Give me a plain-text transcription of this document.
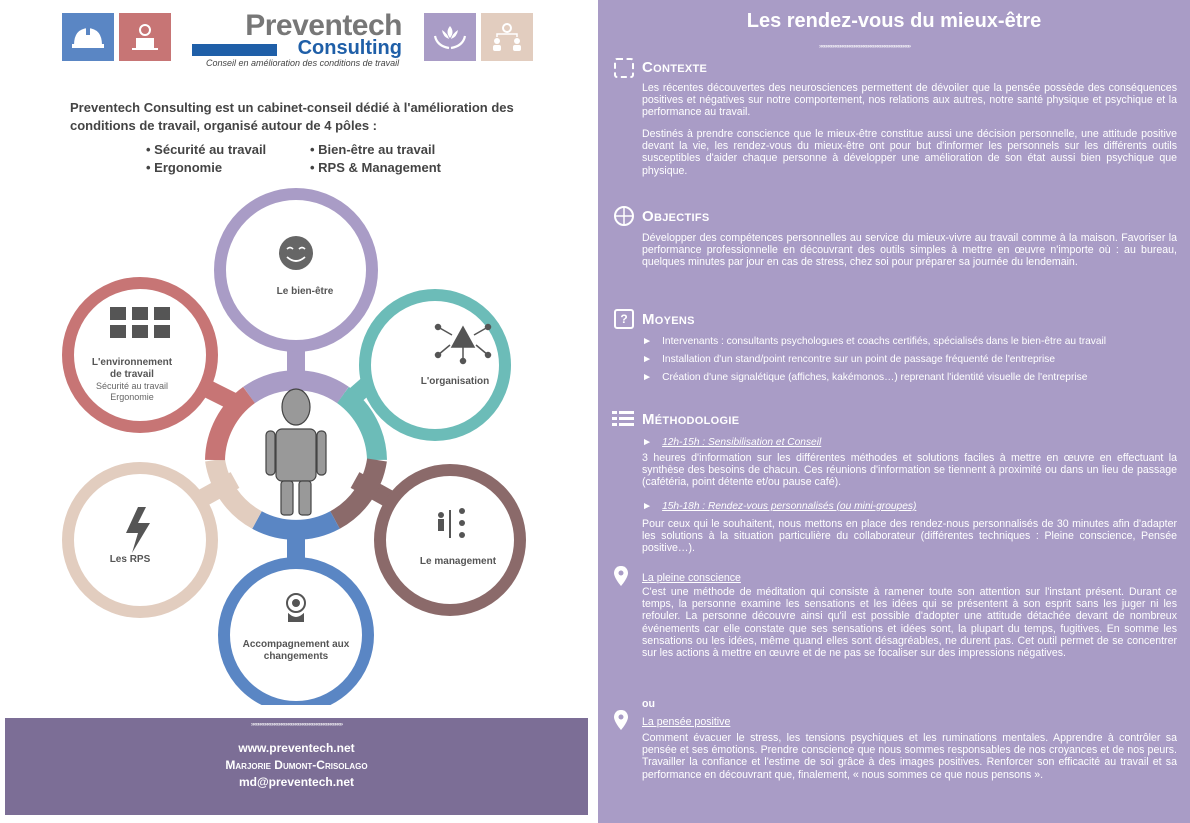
Preventech
Consulting
Conseil en amélioration des conditions de travail
Preventech Consulting est un cabinet-conseil dédié à l'amélioration des conditions de travail, organisé autour de 4 pôles :
• Sécurité au travail
• Ergonomie
• Bien-être au travail
• RPS & Management
Le bien-être
L'organisation
Le management
Accompagnement aux changements
Les RPS
L'environnement de travail
Sécurité au travail
Ergonomie
»»»»»»»»»»»»»»»»»»»»»»»»»»»»»»»»»»»»»»»
www.preventech.net
Marjorie Dumont-Crisolago
md@preventech.net
Les rendez-vous du mieux-être
»»»»»»»»»»»»»»»»»»»»»»»»»»»»»»»»»»»»»»»
Contexte
Les récentes découvertes des neurosciences permettent de dévoiler que la pensée possède des conséquences positives et négatives sur notre comportement, nos relations aux autres, notre santé physique et psychique et la performance au travail.
Destinés à prendre conscience que le mieux-être constitue aussi une décision personnelle, une attitude positive devant la vie, les rendez-vous du mieux-être ont pour but d'informer les personnels sur les différents outils susceptibles d'aider chaque personne à développer une amélioration de son état aussi bien psychique que physique.
Objectifs
Développer des compétences personnelles au service du mieux-vivre au travail comme à la maison. Favoriser la performance professionnelle en découvrant des outils simples à mettre en œuvre n'importe où : au bureau, quelques minutes par jour en cas de stress, chez soi pour préparer sa journée du lendemain.
? Moyens
► Intervenants : consultants psychologues et coachs certifiés, spécialisés dans le bien-être au travail
► Installation d'un stand/point rencontre sur un point de passage fréquenté de l'entreprise
► Création d'une signalétique (affiches, kakémonos…) reprenant l'identité visuelle de l'entreprise
Méthodologie
► 12h-15h : Sensibilisation et Conseil
3 heures d'information sur les différentes méthodes et solutions faciles à mettre en œuvre en effectuant la synthèse des besoins de chacun. Ces réunions d'information se tiennent à proximité ou dans un lieu de passage (cafétéria, point détente et/ou pause café).
► 15h-18h : Rendez-vous personnalisés (ou mini-groupes)
Pour ceux qui le souhaitent, nous mettons en place des rendez-nous personnalisés de 30 minutes afin d'adapter les solutions à la situation particulière du collaborateur (différentes techniques : Pleine conscience, Pensée positive…).
La pleine conscience
C'est une méthode de méditation qui consiste à ramener toute son attention sur l'instant présent. Durant ce temps, la personne examine les sensations et les idées qui se présentent à son esprit sans les juger ni les refouler. La personne découvre ainsi qu'il est possible d'adopter une attitude détachée devant de nombreux événements car elle constate que ses sensations et idées sont, la plupart du temps, fugitives. En somme les sensations ou les idées, même quand elles sont désagréables, ne durent pas. Cet outil permet de se concentrer sur les actions à mettre en œuvre et de ne pas se focaliser sur des impressions négatives.
ou
La pensée positive
Comment évacuer le stress, les tensions psychiques et les ruminations mentales. Apprendre à contrôler sa pensée et ses émotions. Prendre conscience que nous sommes responsables de nos croyances et de nos peurs. Travailler la confiance et l'estime de soi grâce à des images positives. Renforcer son efficacité au travail et sa performance en découvrant que, finalement, « nous sommes ce que nous pensons ».
